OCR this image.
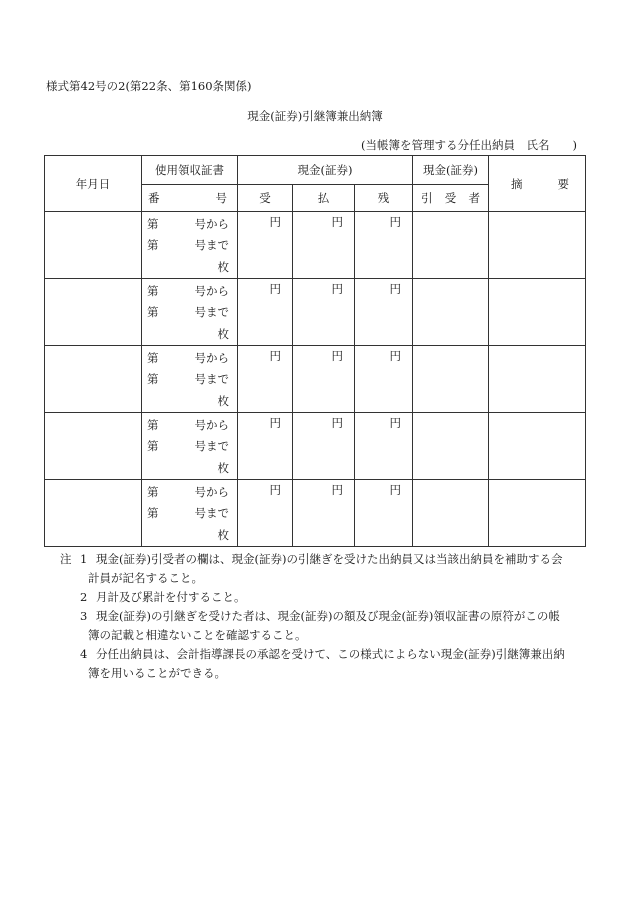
様式第42号の2(第22条、第160条関係)
現金(証券)引継簿兼出納簿
(当帳簿を管理する分任出納員　氏名　　)
年月日	使用領収証書	現金(証券)			現金(証券)	摘 要

	番 号	受	払	残	引 受 者	

	第 号から
第 号まで
枚	円	円	円		

	第 号から
第 号まで
枚	円	円	円		

	第 号から
第 号まで
枚	円	円	円		

	第 号から
第 号まで
枚	円	円	円		

	第 号から
第 号まで
枚	円	円	円		
注 1 現金(証券)引受者の欄は、現金(証券)の引継ぎを受けた出納員又は当該出納員を補助する会
計員が記名すること。
2 月計及び累計を付すること。
3 現金(証券)の引継ぎを受けた者は、現金(証券)の額及び現金(証券)領収証書の原符がこの帳
簿の記載と相違ないことを確認すること。
4 分任出納員は、会計指導課長の承認を受けて、この様式によらない現金(証券)引継簿兼出納
簿を用いることができる。
